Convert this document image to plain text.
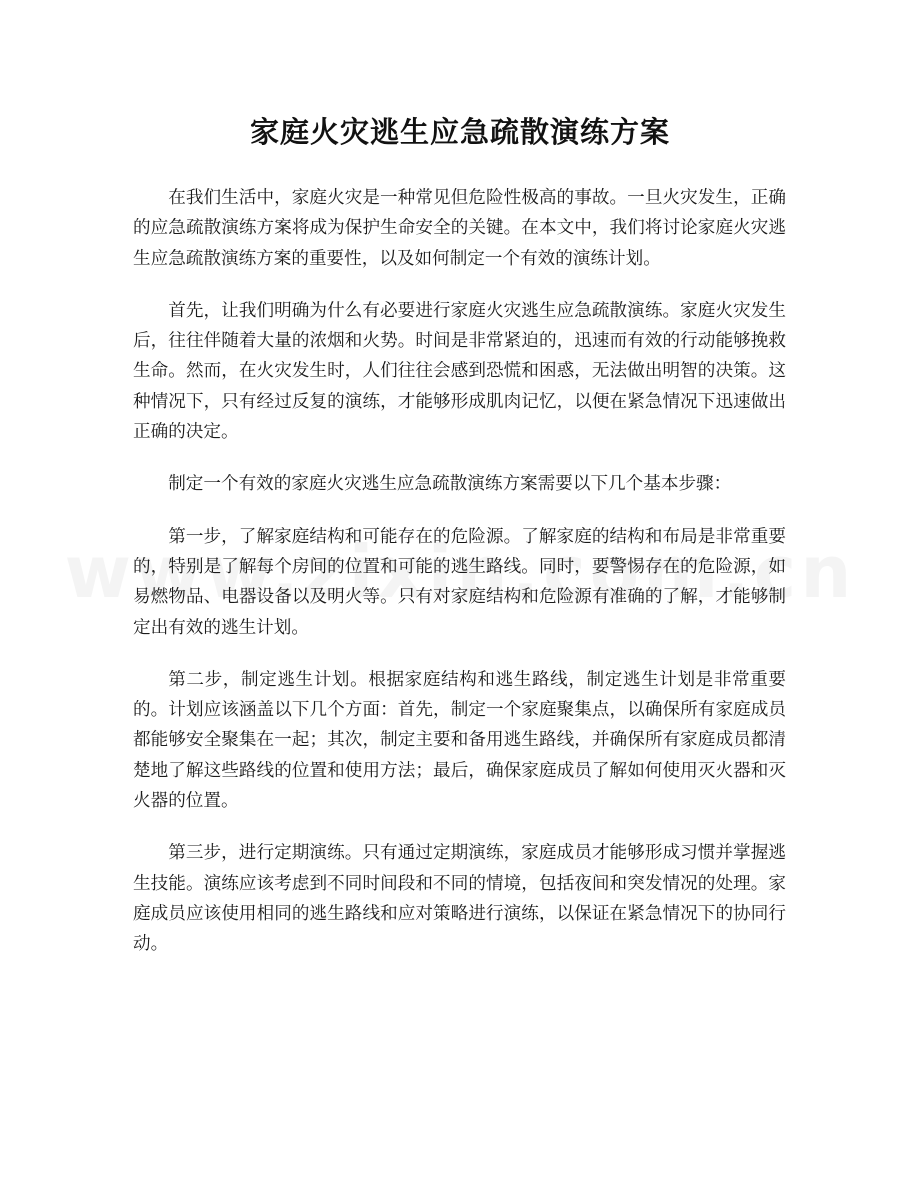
家庭火灾逃生应急疏散演练方案

在我们生活中，家庭火灾是一种常见但危险性极高的事故。一旦火灾发生，正确的应急疏散演练方案将成为保护生命安全的关键。在本文中，我们将讨论家庭火灾逃生应急疏散演练方案的重要性，以及如何制定一个有效的演练计划。

首先，让我们明确为什么有必要进行家庭火灾逃生应急疏散演练。家庭火灾发生后，往往伴随着大量的浓烟和火势。时间是非常紧迫的，迅速而有效的行动能够挽救生命。然而，在火灾发生时，人们往往会感到恐慌和困惑，无法做出明智的决策。这种情况下，只有经过反复的演练，才能够形成肌肉记忆，以便在紧急情况下迅速做出正确的决定。

制定一个有效的家庭火灾逃生应急疏散演练方案需要以下几个基本步骤：

第一步，了解家庭结构和可能存在的危险源。了解家庭的结构和布局是非常重要的，特别是了解每个房间的位置和可能的逃生路线。同时，要警惕存在的危险源，如易燃物品、电器设备以及明火等。只有对家庭结构和危险源有准确的了解，才能够制定出有效的逃生计划。

第二步，制定逃生计划。根据家庭结构和逃生路线，制定逃生计划是非常重要的。计划应该涵盖以下几个方面：首先，制定一个家庭聚集点，以确保所有家庭成员都能够安全聚集在一起；其次，制定主要和备用逃生路线，并确保所有家庭成员都清楚地了解这些路线的位置和使用方法；最后，确保家庭成员了解如何使用灭火器和灭火器的位置。

第三步，进行定期演练。只有通过定期演练，家庭成员才能够形成习惯并掌握逃生技能。演练应该考虑到不同时间段和不同的情境，包括夜间和突发情况的处理。家庭成员应该使用相同的逃生路线和应对策略进行演练，以保证在紧急情况下的协同行动。
